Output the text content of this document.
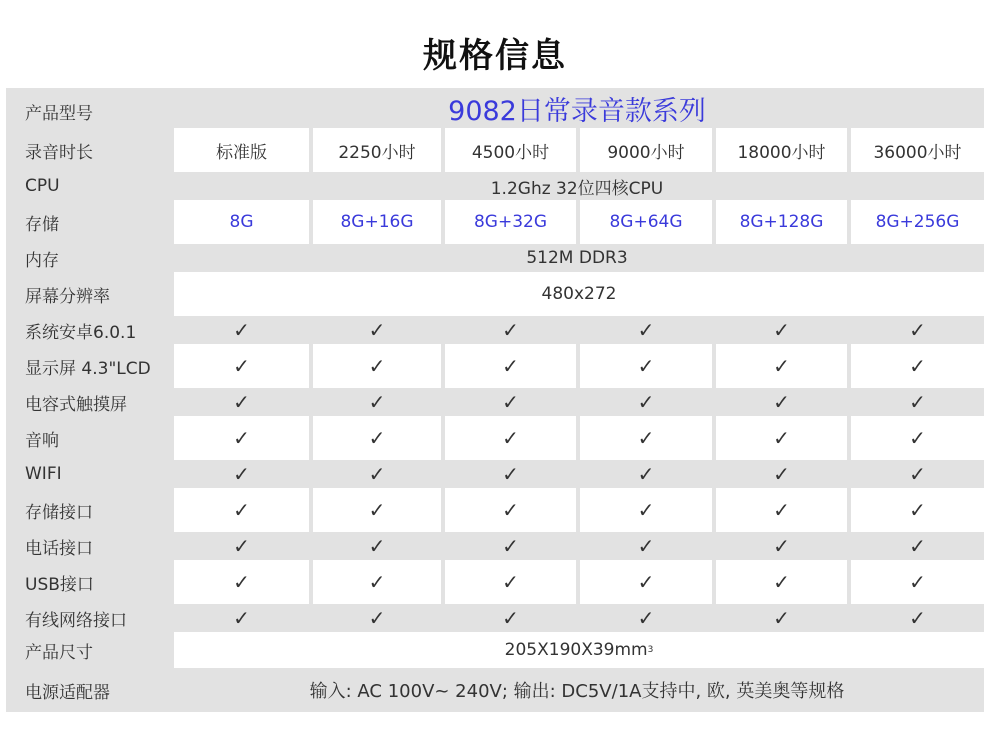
规格信息
产品型号	9082日常录音款系列
录音时长	标准版	2250小时	4500小时	9000小时	18000小时	36000小时
CPU	1.2Ghz 32位四核CPU
存储	8G	8G+16G	8G+32G	8G+64G	8G+128G	8G+256G
内存	512M DDR3
屏幕分辨率	480x272
系统安卓6.0.1	✓	✓	✓	✓	✓	✓
显示屏 4.3"LCD	✓	✓	✓	✓	✓	✓
电容式触摸屏	✓	✓	✓	✓	✓	✓
音响	✓	✓	✓	✓	✓	✓
WIFI	✓	✓	✓	✓	✓	✓
存储接口	✓	✓	✓	✓	✓	✓
电话接口	✓	✓	✓	✓	✓	✓
USB接口	✓	✓	✓	✓	✓	✓
有线网络接口	✓	✓	✓	✓	✓	✓
产品尺寸	205X190X39mm 3
电源适配器	输入: AC 100V~ 240V; 输出: DC5V/1A支持中, 欧, 英美奥等规格
